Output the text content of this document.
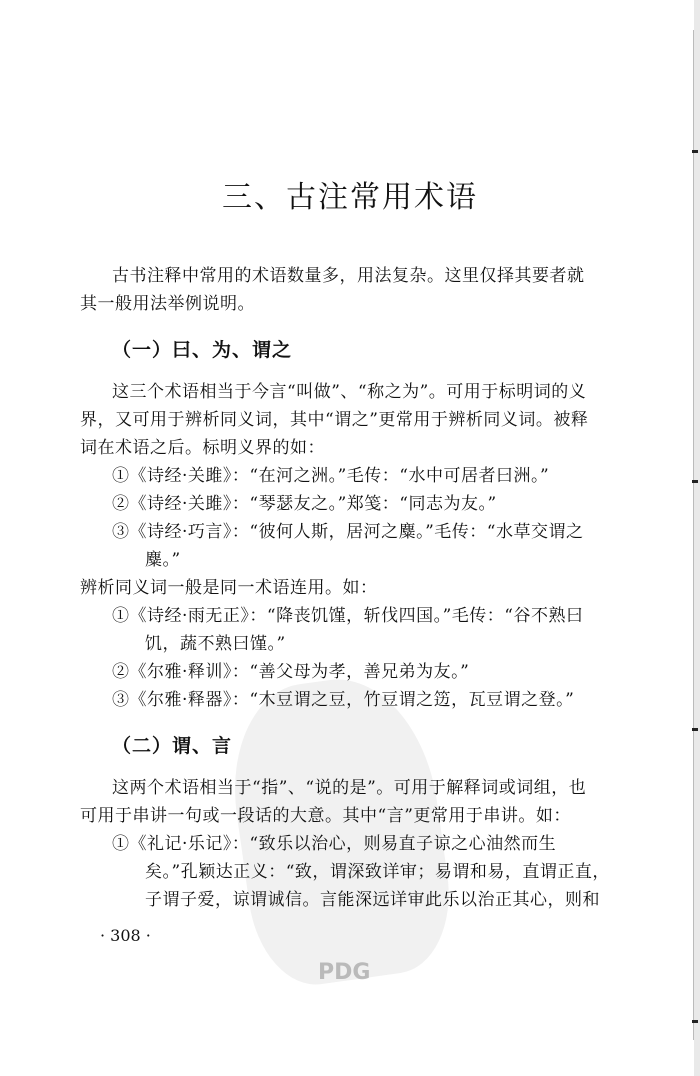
PDG
三、古注常用术语
古书注释中常用的术语数量多，用法复杂。这里仅择其要者就
其一般用法举例说明。
（一）曰、为、谓之
这三个术语相当于今言“叫做”、“称之为”。可用于标明词的义
界，又可用于辨析同义词，其中“谓之”更常用于辨析同义词。被释
词在术语之后。标明义界的如：
①《诗经·关雎》：“在河之洲。”毛传：“水中可居者曰洲。”
②《诗经·关雎》：“琴瑟友之。”郑笺：“同志为友。”
③《诗经·巧言》：“彼何人斯，居河之麋。”毛传：“水草交谓之
麋。”
辨析同义词一般是同一术语连用。如：
①《诗经·雨无正》：“降丧饥馑，斩伐四国。”毛传：“谷不熟曰
饥，蔬不熟曰馑。”
②《尔雅·释训》：“善父母为孝，善兄弟为友。”
③《尔雅·释器》：“木豆谓之豆，竹豆谓之笾，瓦豆谓之登。”
（二）谓、言
这两个术语相当于“指”、“说的是”。可用于解释词或词组，也
可用于串讲一句或一段话的大意。其中“言”更常用于串讲。如：
①《礼记·乐记》：“致乐以治心，则易直子谅之心油然而生
矣。”孔颖达正义：“致，谓深致详审；易谓和易，直谓正直，
子谓子爱，谅谓诚信。言能深远详审此乐以治正其心，则和
· 308 ·
